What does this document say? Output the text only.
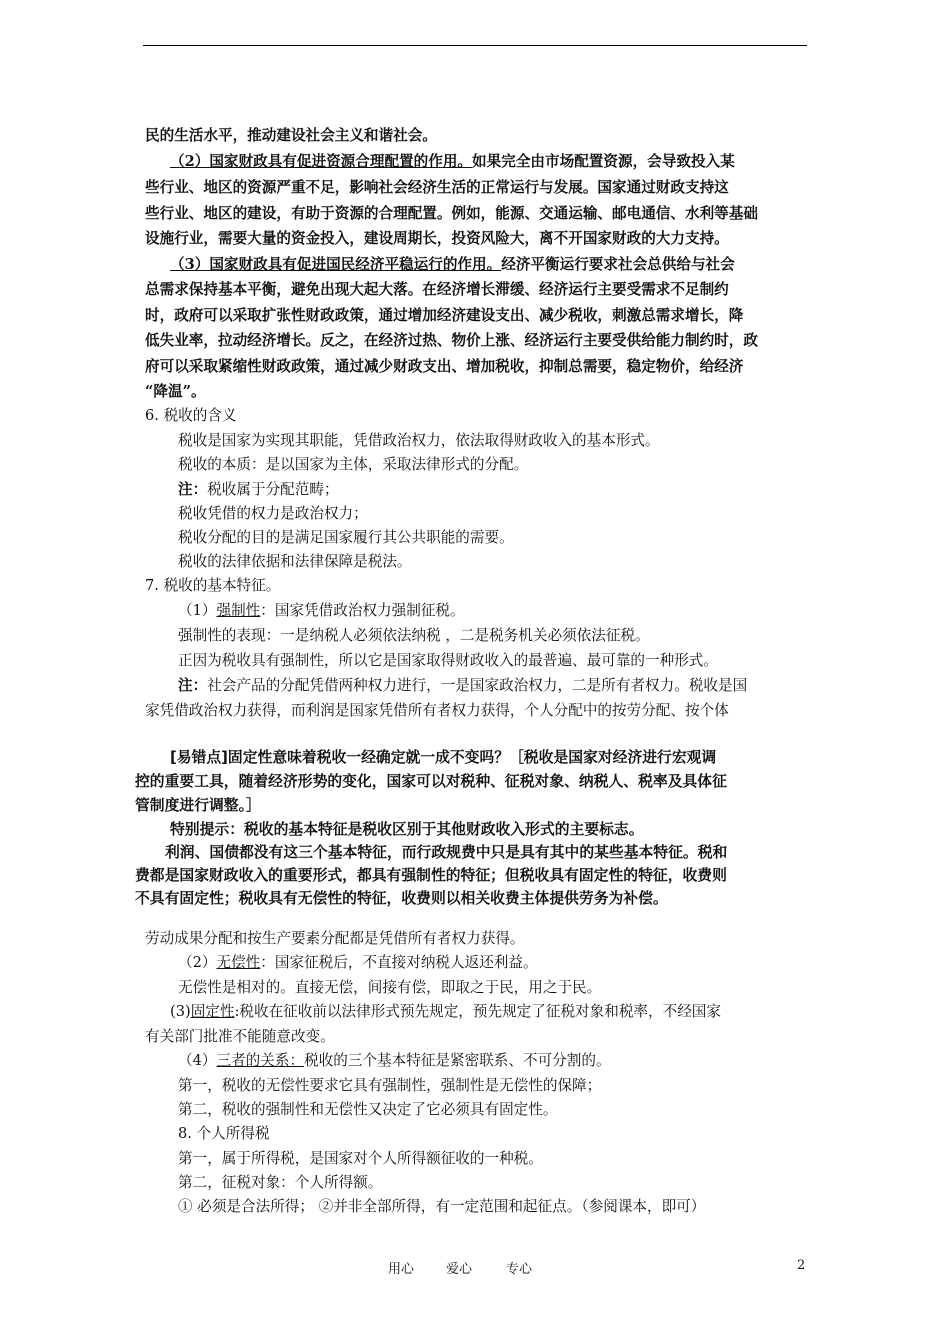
民的生活水平，推动建设社会主义和谐社会。
（2）国家财政具有促进资源合理配置的作用。如果完全由市场配置资源，会导致投入某
些行业、地区的资源严重不足，影响社会经济生活的正常运行与发展。国家通过财政支持这
些行业、地区的建设，有助于资源的合理配置。例如，能源、交通运输、邮电通信、水利等基础
设施行业，需要大量的资金投入，建设周期长，投资风险大，离不开国家财政的大力支持。
（3）国家财政具有促进国民经济平稳运行的作用。经济平衡运行要求社会总供给与社会
总需求保持基本平衡，避免出现大起大落。在经济增长滞缓、经济运行主要受需求不足制约
时，政府可以采取扩张性财政政策，通过增加经济建设支出、减少税收，刺激总需求增长，降
低失业率，拉动经济增长。反之，在经济过热、物价上涨、经济运行主要受供给能力制约时，政
府可以采取紧缩性财政政策，通过减少财政支出、增加税收，抑制总需要，稳定物价，给经济
“降温”。
6. 税收的含义
税收是国家为实现其职能，凭借政治权力，依法取得财政收入的基本形式。
税收的本质：是以国家为主体，采取法律形式的分配。
注：税收属于分配范畴；
税收凭借的权力是政治权力；
税收分配的目的是满足国家履行其公共职能的需要。
税收的法律依据和法律保障是税法。
7. 税收的基本特征。
（1）强制性：国家凭借政治权力强制征税。
强制性的表现：一是纳税人必须依法纳税 ，二是税务机关必须依法征税。
正因为税收具有强制性，所以它是国家取得财政收入的最普遍、最可靠的一种形式。
注：社会产品的分配凭借两种权力进行，一是国家政治权力，二是所有者权力。税收是国
家凭借政治权力获得，而利润是国家凭借所有者权力获得，个人分配中的按劳分配、按个体
[易错点]固定性意味着税收一经确定就一成不变吗？［税收是国家对经济进行宏观调
控的重要工具，随着经济形势的变化，国家可以对税种、征税对象、纳税人、税率及具体征
管制度进行调整。］
特别提示：税收的基本特征是税收区别于其他财政收入形式的主要标志。
利润、国债都没有这三个基本特征，而行政规费中只是具有其中的某些基本特征。税和
费都是国家财政收入的重要形式，都具有强制性的特征；但税收具有固定性的特征，收费则
不具有固定性；税收具有无偿性的特征，收费则以相关收费主体提供劳务为补偿。
劳动成果分配和按生产要素分配都是凭借所有者权力获得。
（2）无偿性：国家征税后，不直接对纳税人返还利益。
无偿性是相对的。直接无偿，间接有偿，即取之于民，用之于民。
(3)固定性:税收在征收前以法律形式预先规定，预先规定了征税对象和税率，不经国家
有关部门批准不能随意改变。
（4）三者的关系：税收的三个基本特征是紧密联系、不可分割的。
第一，税收的无偿性要求它具有强制性，强制性是无偿性的保障；
第二，税收的强制性和无偿性又决定了它必须具有固定性。
8. 个人所得税
第一，属于所得税，是国家对个人所得额征收的一种税。
第二，征税对象：个人所得额。
① 必须是合法所得； ②并非全部所得，有一定范围和起征点。（参阅课本，即可）
用心 爱心	专心	2
